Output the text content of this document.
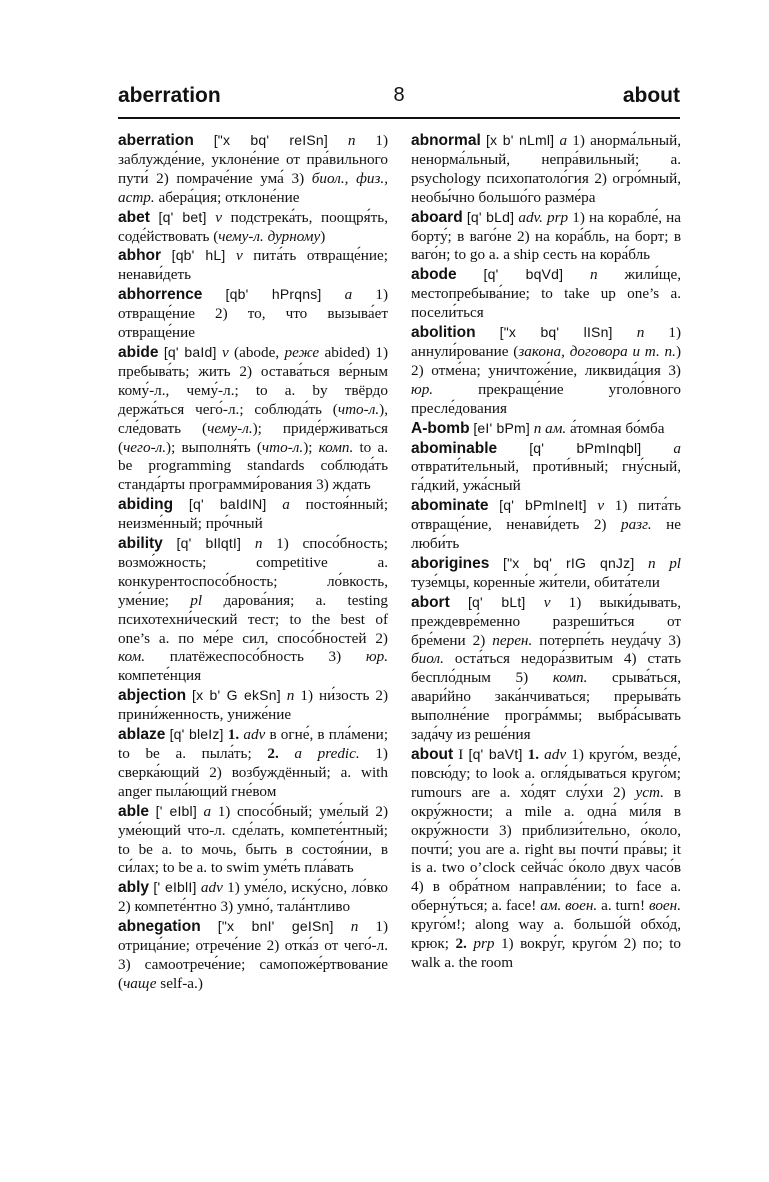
aberration	8	about

aberration ["x bq' reISn] n 1) заблужде́ние, уклоне́ние от пра́вильного пути́ 2) помраче́ние ума́ 3) биол., физ., астр. абера́ция; отклоне́ние

abet [q' bet] v подстрека́ть, поощря́ть, соде́йствовать (чему-л. дурному)

abhor [qb' hL] v пита́ть отвраще́ние; ненави́деть

abhorrence [qb' hPrqns] a 1) отвраще́ние 2) то, что вызыва́ет отвраще́ние

abide [q' baId] v (abode, реже abided) 1) пребыва́ть; жить 2) остава́ться ве́рным кому́-л., чему́-л.; to a. by твёрдо держа́ться чего́-л.; соблюда́ть (что-л.), сле́довать (чему-л.); приде́рживаться (чего-л.); выполня́ть (что-л.); комп. to a. be programming standards соблюда́ть станда́рты программи́рования 3) ждать

abiding [q' baIdIN] a постоя́нный; неизме́нный; про́чный

ability [q' bIlqtI] n 1) спосо́бность; возмо́жность; competitive a. конкурентоспосо́бность; ло́вкость, уме́ние; pl дарова́ния; a. testing психотехни́ческий тест; to the best of one’s a. по ме́ре сил, спосо́бностей 2) ком. платёжеспосо́бность 3) юр. компете́нция

abjection [x b' G ekSn] n 1) ни́зость 2) прини́женность, униже́ние

ablaze [q' bleIz] 1. adv в огне́, в пла́мени; to be a. пыла́ть; 2. a predic. 1) сверка́ющий 2) возбуждённый; a. with anger пыла́ющий гне́вом

able [' eIbl] a 1) спосо́бный; уме́лый 2) уме́ющий что-л. сде́лать, компете́нтный; to be a. to мочь, быть в состоя́нии, в си́лах; to be a. to swim уме́ть пла́вать

ably [' eIblI] adv 1) уме́ло, иску́сно, ло́вко 2) компете́нтно 3) умно́, тала́нтливо

abnegation ["x bnI' geISn] n 1) отрица́ние; отрече́ние 2) отка́з от чего́-л. 3) самоотрече́ние; самопоже́ртвование (чаще self-a.)

abnormal [x b' nLml] a 1) анорма́льный, ненорма́льный, непра́вильный; a. psychology психопатоло́гия 2) огро́мный, необы́чно большо́го разме́ра

aboard [q' bLd] adv. prp 1) на корабле́, на борту́; в ваго́не 2) на кора́бль, на борт; в ваго́н; to go a. a ship сесть на кора́бль

abode [q' bqVd] n жили́ще, местопребыва́ние; to take up one’s a. посели́ться

abolition ["x bq' lISn] n 1) аннули́рование (закона, договора и т. п.) 2) отме́на; уничтоже́ние, ликвида́ция 3) юр. прекраще́ние уголо́вного пресле́дования

A-bomb [eI' bPm] n ам. а́томная бо́мба

abominable [q' bPmInqbl] a отврати́тельный, проти́вный; гну́сный, га́дкий, ужа́сный

abominate [q' bPmIneIt] v 1) пита́ть отвраще́ние, ненави́деть 2) разг. не люби́ть

aborigines ["x bq' rIG qnJz] n pl тузе́мцы, коренны́е жи́тели, обита́тели

abort [q' bLt] v 1) выки́дывать, преждевре́менно разреши́ться от бре́мени 2) перен. потерпе́ть неуда́чу 3) биол. оста́ться недора́звитым 4) стать беспло́дным 5) комп. срыва́ться, авари́йно зака́нчиваться; прерыва́ть выполне́ние програ́ммы; выбра́сывать зада́чу из реше́ния

about I [q' baVt] 1. adv 1) круго́м, везде́, повсю́ду; to look a. огля́дываться круго́м; rumours are a. хо́дят слу́хи 2) уст. в окру́жности; a mile a. одна́ ми́ля в окру́жности 3) приблизи́тельно, о́коло, почти́; you are a. right вы почти́ пра́вы; it is a. two o’clock сейча́с о́коло двух часо́в 4) в обра́тном направле́нии; to face a. оберну́ться; a. face! ам. воен. a. turn! воен. круго́м!; along way a. большо́й обхо́д, крюк; 2. prp 1) вокру́г, круго́м 2) по; to walk a. the room
